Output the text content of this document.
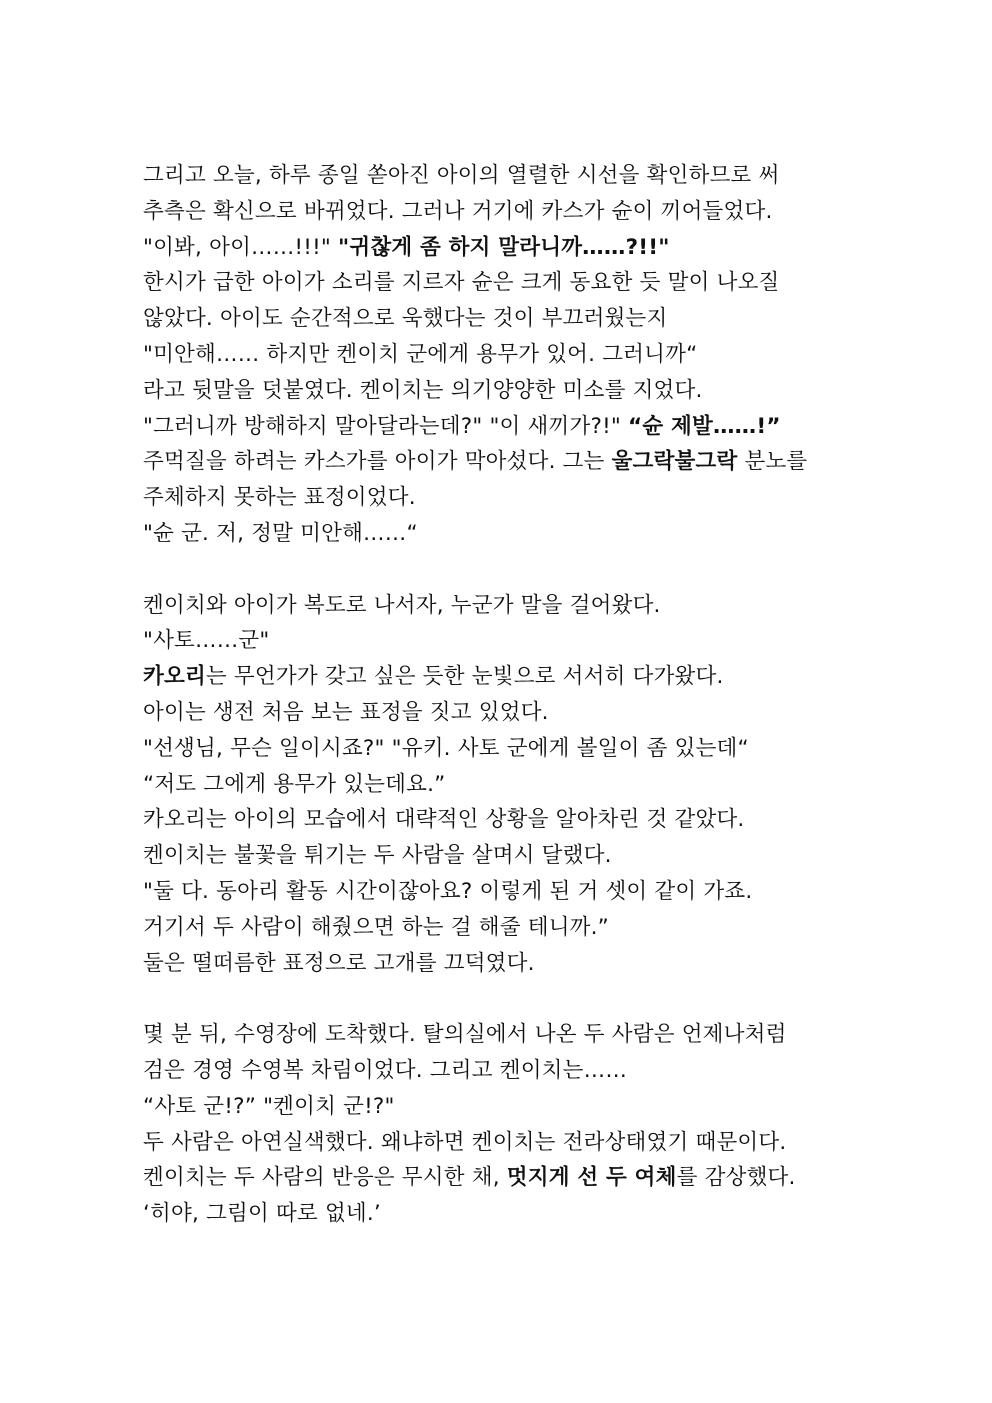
그리고 오늘, 하루 종일 쏟아진 아이의 열렬한 시선을 확인하므로 써
추측은 확신으로 바뀌었다. 그러나 거기에 카스가 슌이 끼어들었다.
"이봐, 아이……!!!" "귀찮게 좀 하지 말라니까……?!!"
한시가 급한 아이가 소리를 지르자 슌은 크게 동요한 듯 말이 나오질
않았다. 아이도 순간적으로 욱했다는 것이 부끄러웠는지
"미안해…… 하지만 켄이치 군에게 용무가 있어. 그러니까“
라고 뒷말을 덧붙였다. 켄이치는 의기양양한 미소를 지었다.
"그러니까 방해하지 말아달라는데?" "이 새끼가?!" “슌 제발……!”
주먹질을 하려는 카스가를 아이가 막아섰다. 그는 울그락불그락 분노를
주체하지 못하는 표정이었다.
"슌 군. 저, 정말 미안해……“
켄이치와 아이가 복도로 나서자, 누군가 말을 걸어왔다.
"사토……군"
카오리는 무언가가 갖고 싶은 듯한 눈빛으로 서서히 다가왔다.
아이는 생전 처음 보는 표정을 짓고 있었다.
"선생님, 무슨 일이시죠?" "유키. 사토 군에게 볼일이 좀 있는데“
“저도 그에게 용무가 있는데요.”
카오리는 아이의 모습에서 대략적인 상황을 알아차린 것 같았다.
켄이치는 불꽃을 튀기는 두 사람을 살며시 달랬다.
"둘 다. 동아리 활동 시간이잖아요? 이렇게 된 거 셋이 같이 가죠.
거기서 두 사람이 해줬으면 하는 걸 해줄 테니까.”
둘은 떨떠름한 표정으로 고개를 끄덕였다.
몇 분 뒤, 수영장에 도착했다. 탈의실에서 나온 두 사람은 언제나처럼
검은 경영 수영복 차림이었다. 그리고 켄이치는……
“사토 군!?” "켄이치 군!?"
두 사람은 아연실색했다. 왜냐하면 켄이치는 전라상태였기 때문이다.
켄이치는 두 사람의 반응은 무시한 채, 멋지게 선 두 여체를 감상했다.
‘히야, 그림이 따로 없네.’
